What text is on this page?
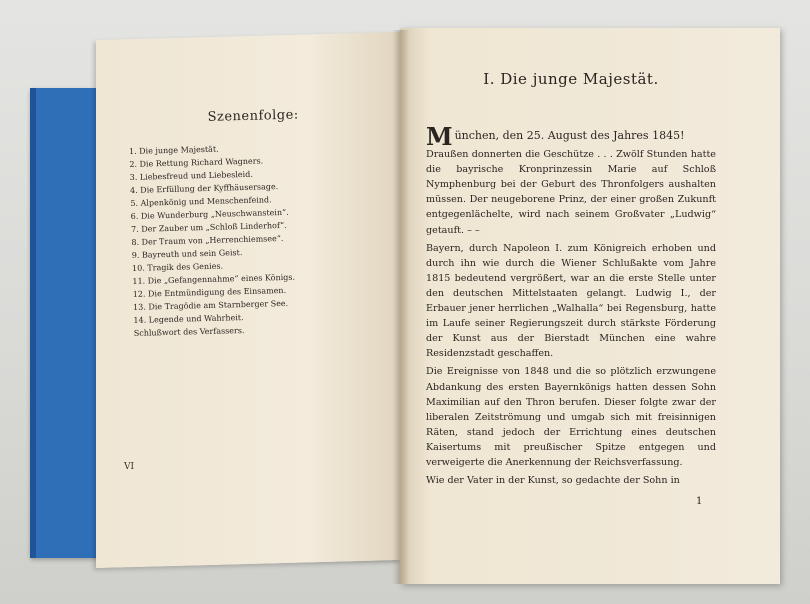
Szenenfolge:
1. Die junge Majestät.
2. Die Rettung Richard Wagners.
3. Liebesfreud und Liebesleid.
4. Die Erfüllung der Kyffhäusersage.
5. Alpenkönig und Menschenfeind.
6. Die Wunderburg „Neuschwanstein“.
7. Der Zauber um „Schloß Linderhof“.
8. Der Traum von „Herrenchiemsee“.
9. Bayreuth und sein Geist.
10. Tragik des Genies.
11. Die „Gefangennahme“ eines Königs.
12. Die Entmündigung des Einsamen.
13. Die Tragödie am Starnberger See.
14. Legende und Wahrheit.
Schlußwort des Verfassers.
VI
I. Die junge Majestät.

München, den 25. August des Jahres 1845!

Draußen donnerten die Geschütze . . . Zwölf Stunden hatte die bayrische Kronprinzessin Marie auf Schloß Nymphenburg bei der Geburt des Thronfolgers aushalten müssen. Der neugeborene Prinz, der einer großen Zukunft entgegenlächelte, wird nach seinem Großvater „Ludwig“ getauft. – –

Bayern, durch Napoleon I. zum Königreich erhoben und durch ihn wie durch die Wiener Schlußakte vom Jahre 1815 bedeutend vergrößert, war an die erste Stelle unter den deutschen Mittelstaaten gelangt. Ludwig I., der Erbauer jener herrlichen „Walhalla“ bei Regensburg, hatte im Laufe seiner Regierungszeit durch stärkste Förderung der Kunst aus der Bierstadt München eine wahre Residenzstadt geschaffen.

Die Ereignisse von 1848 und die so plötzlich erzwungene Abdankung des ersten Bayernkönigs hatten dessen Sohn Maximilian auf den Thron berufen. Dieser folgte zwar der liberalen Zeitströmung und umgab sich mit freisinnigen Räten, stand jedoch der Errichtung eines deutschen Kaisertums mit preußischer Spitze entgegen und verweigerte die Anerkennung der Reichsverfassung.

Wie der Vater in der Kunst, so gedachte der Sohn in

1
